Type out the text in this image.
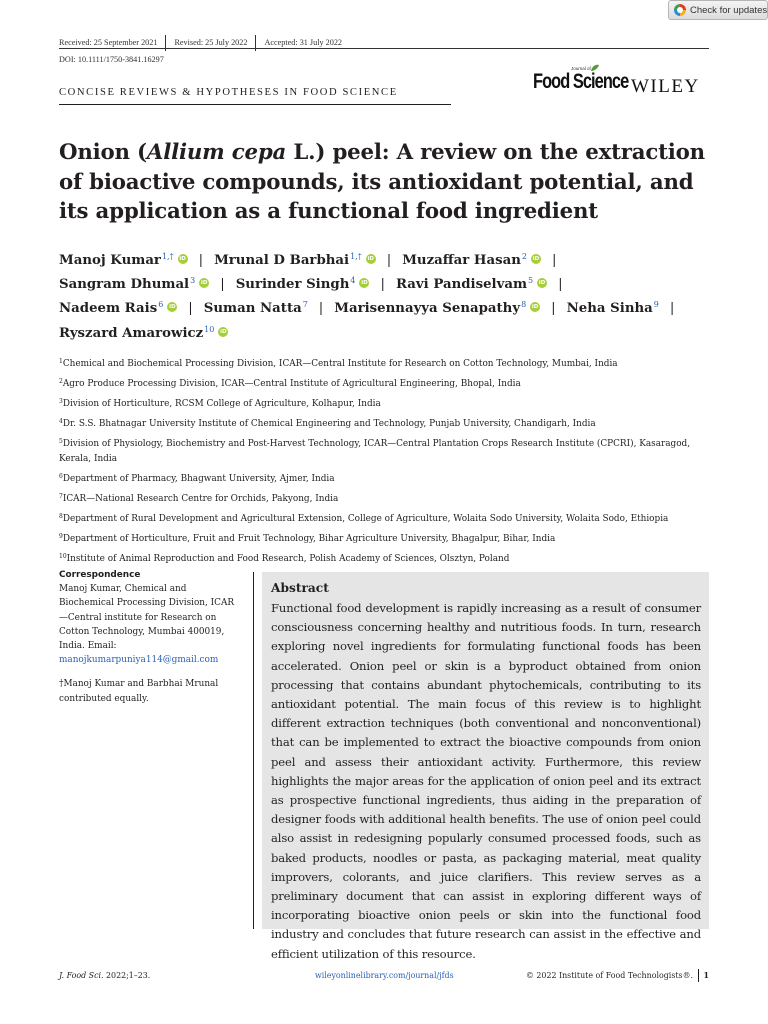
Check for updates
Received: 25 September 2021	Revised: 25 July 2022	Accepted: 31 July 2022
DOI: 10.1111/1750-3841.16297
CONCISE REVIEWS & HYPOTHESES IN FOOD SCIENCE
Journal of
Food Science WILEY
Onion (Allium cepa L.) peel: A review on the extraction of bioactive compounds, its antioxidant potential, and its application as a functional food ingredient
Manoj Kumar$^{1,\dagger}$ iD | Mrunal D Barbhai$^{1,\dagger}$ iD | Muzaffar Hasan$^2$ iD |
Sangram Dhumal$^3$ iD | Surinder Singh$^4$ iD | Ravi Pandiselvam$^5$ iD |
Nadeem Rais$^6$ iD | Suman Natta$^7$ | Marisennayya Senapathy$^8$ iD | Neha Sinha$^9$ |
Ryszard Amarowicz$^{10}$iD

$^1$Chemical and Biochemical Processing Division, ICAR—Central Institute for Research on Cotton Technology, Mumbai, India

$^2$Agro Produce Processing Division, ICAR—Central Institute of Agricultural Engineering, Bhopal, India

$^3$Division of Horticulture, RCSM College of Agriculture, Kolhapur, India

$^4$Dr. S.S. Bhatnagar University Institute of Chemical Engineering and Technology, Punjab University, Chandigarh, India

$^5$Division of Physiology, Biochemistry and Post-Harvest Technology, ICAR—Central Plantation Crops Research Institute (CPCRI), Kasaragod, Kerala, India

$^6$Department of Pharmacy, Bhagwant University, Ajmer, India

$^7$ICAR—National Research Centre for Orchids, Pakyong, India

$^8$Department of Rural Development and Agricultural Extension, College of Agriculture, Wolaita Sodo University, Wolaita Sodo, Ethiopia

$^9$Department of Horticulture, Fruit and Fruit Technology, Bihar Agriculture University, Bhagalpur, Bihar, India

$^{10}$Institute of Animal Reproduction and Food Research, Polish Academy of Sciences, Olsztyn, Poland

Correspondence

Manoj Kumar, Chemical and Biochemical Processing Division, ICAR—Central institute for Research on Cotton Technology, Mumbai 400019, India. Email: manojkumarpuniya114@gmail.com

†Manoj Kumar and Barbhai Mrunal contributed equally.

Abstract

Functional food development is rapidly increasing as a result of consumer consciousness concerning healthy and nutritious foods. In turn, research exploring novel ingredients for formulating functional foods has been accelerated. Onion peel or skin is a byproduct obtained from onion processing that contains abundant phytochemicals, contributing to its antioxidant potential. The main focus of this review is to highlight different extraction techniques (both conventional and nonconventional) that can be implemented to extract the bioactive compounds from onion peel and assess their antioxidant activity. Furthermore, this review highlights the major areas for the application of onion peel and its extract as prospective functional ingredients, thus aiding in the preparation of designer foods with additional health benefits. The use of onion peel could also assist in redesigning popularly consumed processed foods, such as baked products, noodles or pasta, as packaging material, meat quality improvers, colorants, and juice clarifiers. This review serves as a preliminary document that can assist in exploring different ways of incorporating bioactive onion peels or skin into the functional food industry and concludes that future research can assist in the effective and efficient utilization of this resource.

J. Food Sci. 2022;1–23.	wileyonlinelibrary.com/journal/jfds	© 2022 Institute of Food Technologists®. 1
